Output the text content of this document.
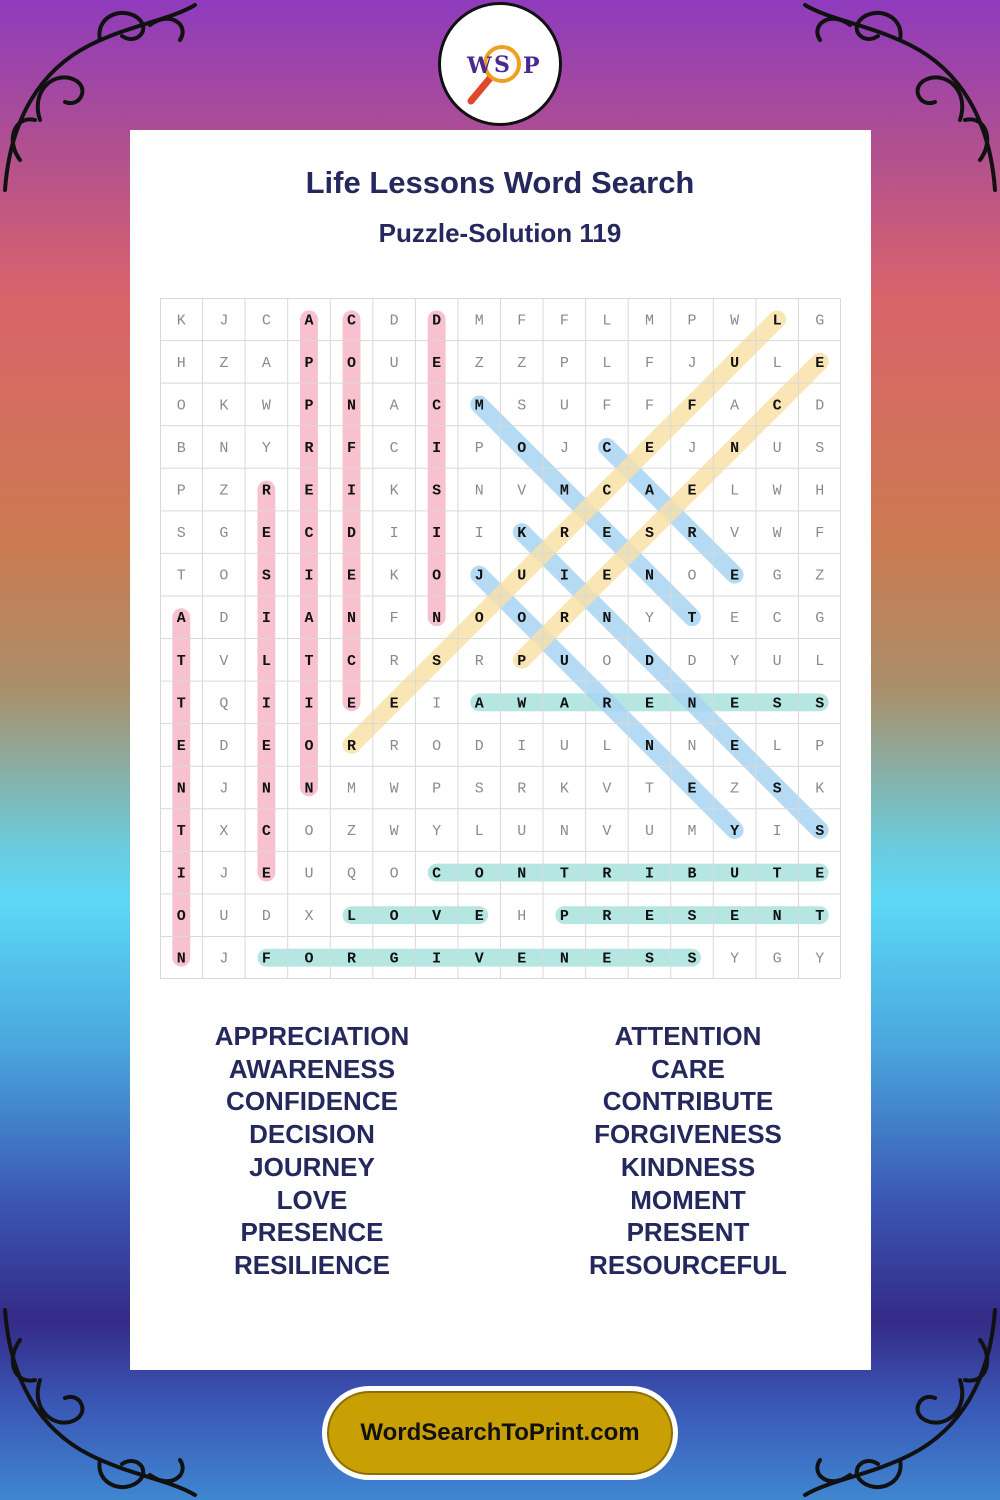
W S P
Life Lessons Word Search
Puzzle-Solution 119
K J C A C D D M F F L M P W L G
H Z A P O U E Z Z P L F J U L E
O K W P N A C M S U F F F A C D
B N Y R F C I P O J C E J N U S
P Z R E I K S N V M C A E L W H
S G E C D I I I K R E S R V W F
T O S I E K O J U I E N O E G Z
A D I A N F N O O R N Y T E C G
T V L T C R S R P U O D D Y U L
T Q I I E E I A W A R E N E S S
E D E O R R O D I U L N N E L P
N J N N M W P S R K V T E Z S K
T X C O Z W Y L U N V U M Y I S
I J E U Q O C O N T R I B U T E
O U D X L O V E H P R E S E N T
N J F O R G I V E N E S S Y G Y
APPRECIATION
AWARENESS
CONFIDENCE
DECISION
JOURNEY
LOVE
PRESENCE
RESILIENCE
ATTENTION
CARE
CONTRIBUTE
FORGIVENESS
KINDNESS
MOMENT
PRESENT
RESOURCEFUL
WordSearchToPrint.com
